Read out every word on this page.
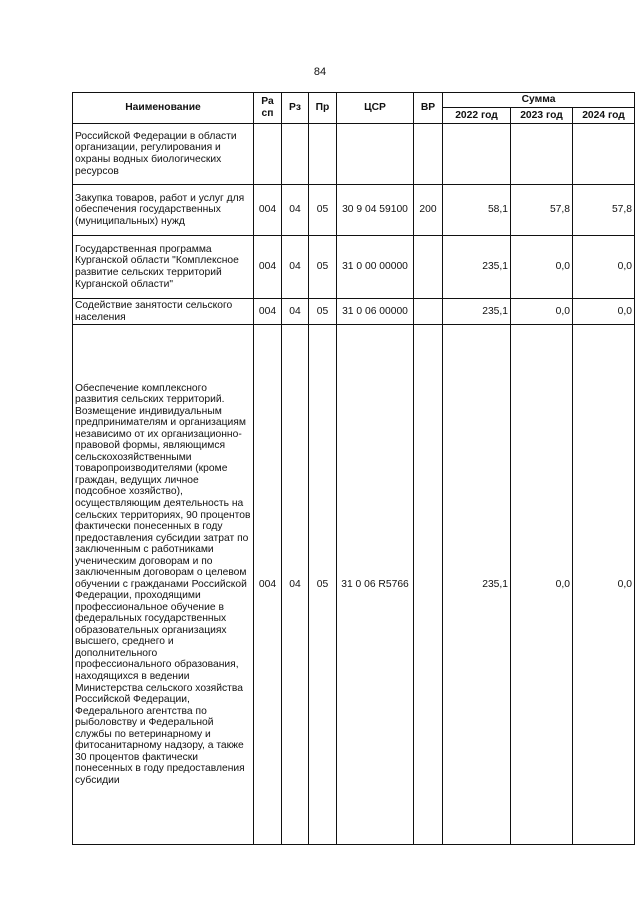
84
Наименование	Ра сп	Рз	Пр	ЦСР	ВР	Сумма		
						2022 год	2023 год	2024 год
Российской Федерации в области организации, регулирования и охраны водных биологических ресурсов								
Закупка товаров, работ и услуг для обеспечения государственных (муниципальных) нужд	004	04	05	30 9 04 59100	200	58,1	57,8	57,8
Государственная программа Курганской области "Комплексное развитие сельских территорий Курганской области"	004	04	05	31 0 00 00000		235,1	0,0	0,0
Содействие занятости сельского населения	004	04	05	31 0 06 00000		235,1	0,0	0,0
Обеспечение комплексного развития сельских территорий. Возмещение индивидуальным предпринимателям и организациям независимо от их организационно-правовой формы, являющимся сельскохозяйственными товаропроизводителями (кроме граждан, ведущих личное подсобное хозяйство), осуществляющим деятельность на сельских территориях, 90 процентов фактически понесенных в году предоставления субсидии затрат по заключенным с работниками ученическим договорам и по заключенным договорам о целевом обучении с гражданами Российской Федерации, проходящими профессиональное обучение в федеральных государственных образовательных организациях высшего, среднего и дополнительного профессионального образования, находящихся в ведении Министерства сельского хозяйства Российской Федерации, Федерального агентства по рыболовству и Федеральной службы по ветеринарному и фитосанитарному надзору, а также 30 процентов фактически понесенных в году предоставления субсидии	004	04	05	31 0 06 R5766		235,1	0,0	0,0
